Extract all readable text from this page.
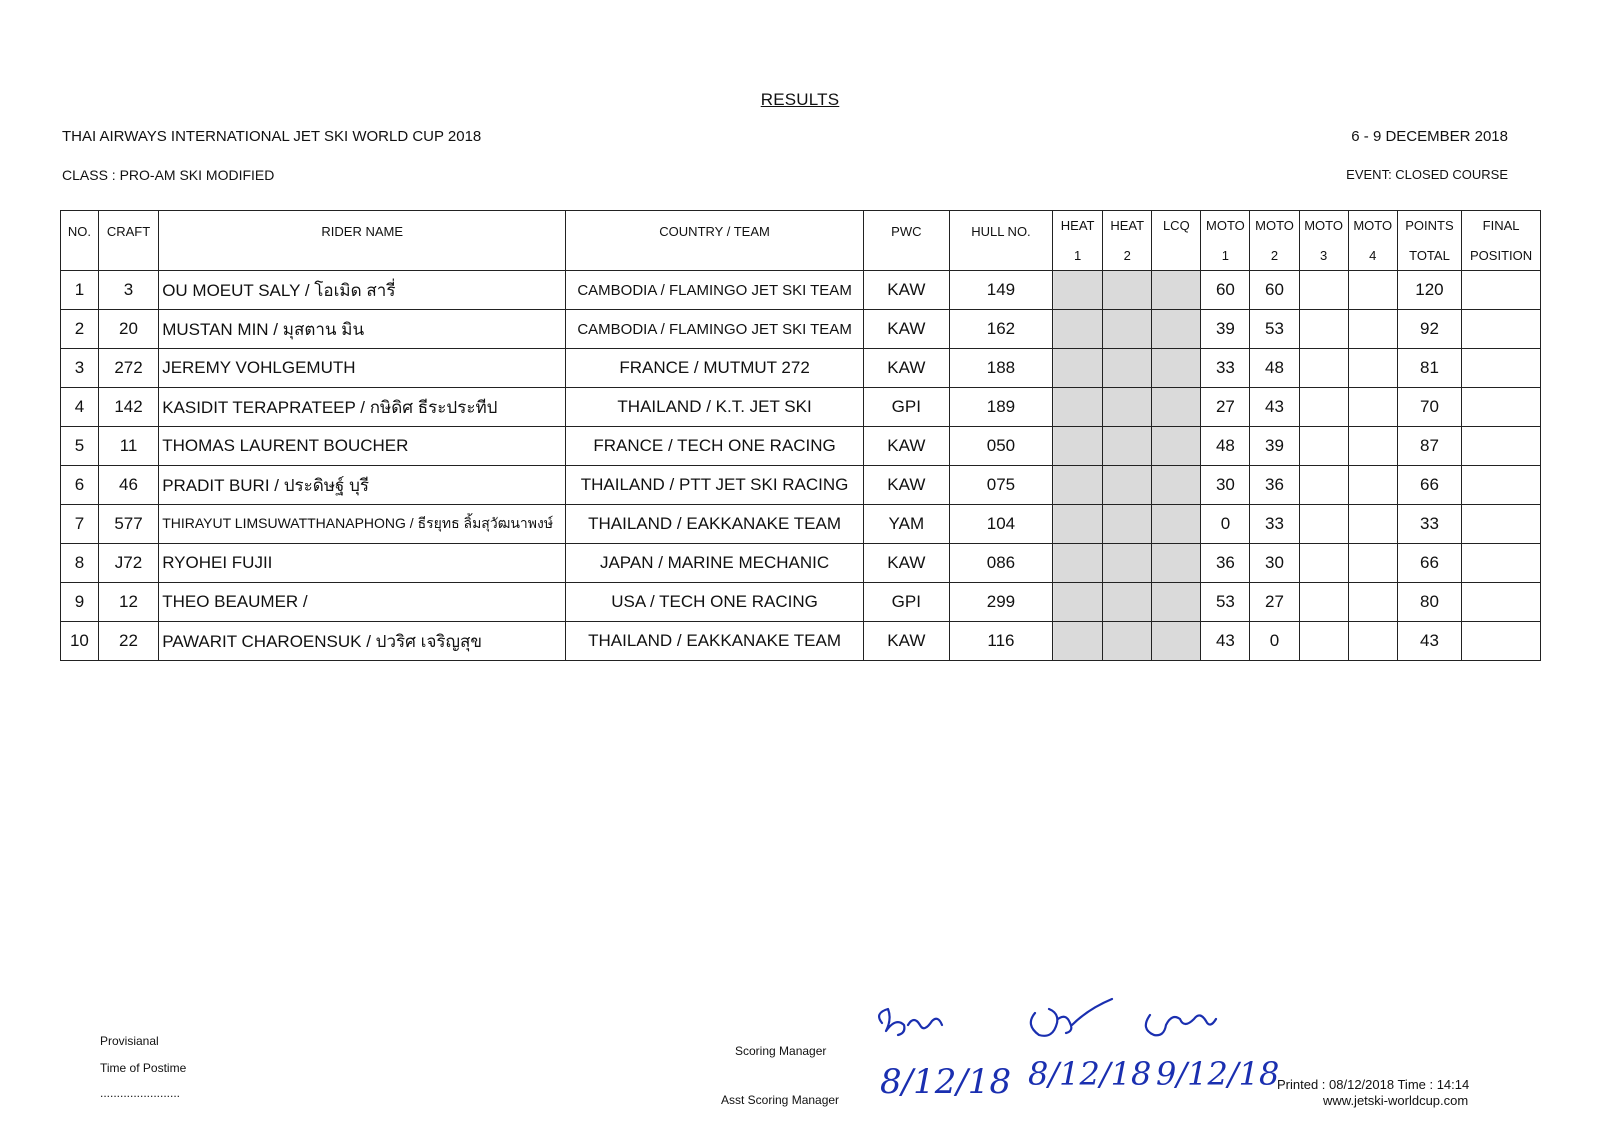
RESULTS
THAI AIRWAYS INTERNATIONAL JET SKI WORLD CUP 2018	6 - 9 DECEMBER 2018
CLASS : PRO-AM SKI MODIFIED	EVENT: CLOSED COURSE
NO.	CRAFT	RIDER NAME	COUNTRY / TEAM	PWC	HULL NO.	HEAT	HEAT	LCQ	MOTO	MOTO	MOTO	MOTO	POINTS	FINAL
						1	2		1	2	3	4	TOTAL	POSITION
1	3	OU MOEUT SALY / โอเมิด สารี่	CAMBODIA / FLAMINGO JET SKI TEAM	KAW	149				60	60			120	
2	20	MUSTAN MIN / มุสตาน มิน	CAMBODIA / FLAMINGO JET SKI TEAM	KAW	162				39	53			92	
3	272	JEREMY VOHLGEMUTH	FRANCE / MUTMUT 272	KAW	188				33	48			81	
4	142	KASIDIT TERAPRATEEP / กษิดิศ ธีระประทีป	THAILAND / K.T. JET SKI	GPI	189				27	43			70	
5	11	THOMAS LAURENT BOUCHER	FRANCE / TECH ONE RACING	KAW	050				48	39			87	
6	46	PRADIT BURI / ประดิษฐ์ บุรี	THAILAND / PTT JET SKI RACING	KAW	075				30	36			66	
7	577	THIRAYUT LIMSUWATTHANAPHONG / ธีรยุทธ ลิ้มสุวัฒนาพงษ์	THAILAND / EAKKANAKE TEAM	YAM	104				0	33			33	
8	J72	RYOHEI FUJII	JAPAN / MARINE MECHANIC	KAW	086				36	30			66	
9	12	THEO BEAUMER /	USA / TECH ONE RACING	GPI	299				53	27			80	
10	22	PAWARIT CHAROENSUK / ปวริศ เจริญสุข	THAILAND / EAKKANAKE TEAM	KAW	116				43	0			43	
Provisianal
Time of Postime
........................
Scoring Manager
Asst Scoring Manager
Printed : 08/12/2018 Time : 14:14
www.jetski-worldcup.com
8/12/18 8/12/18 9/12/18
